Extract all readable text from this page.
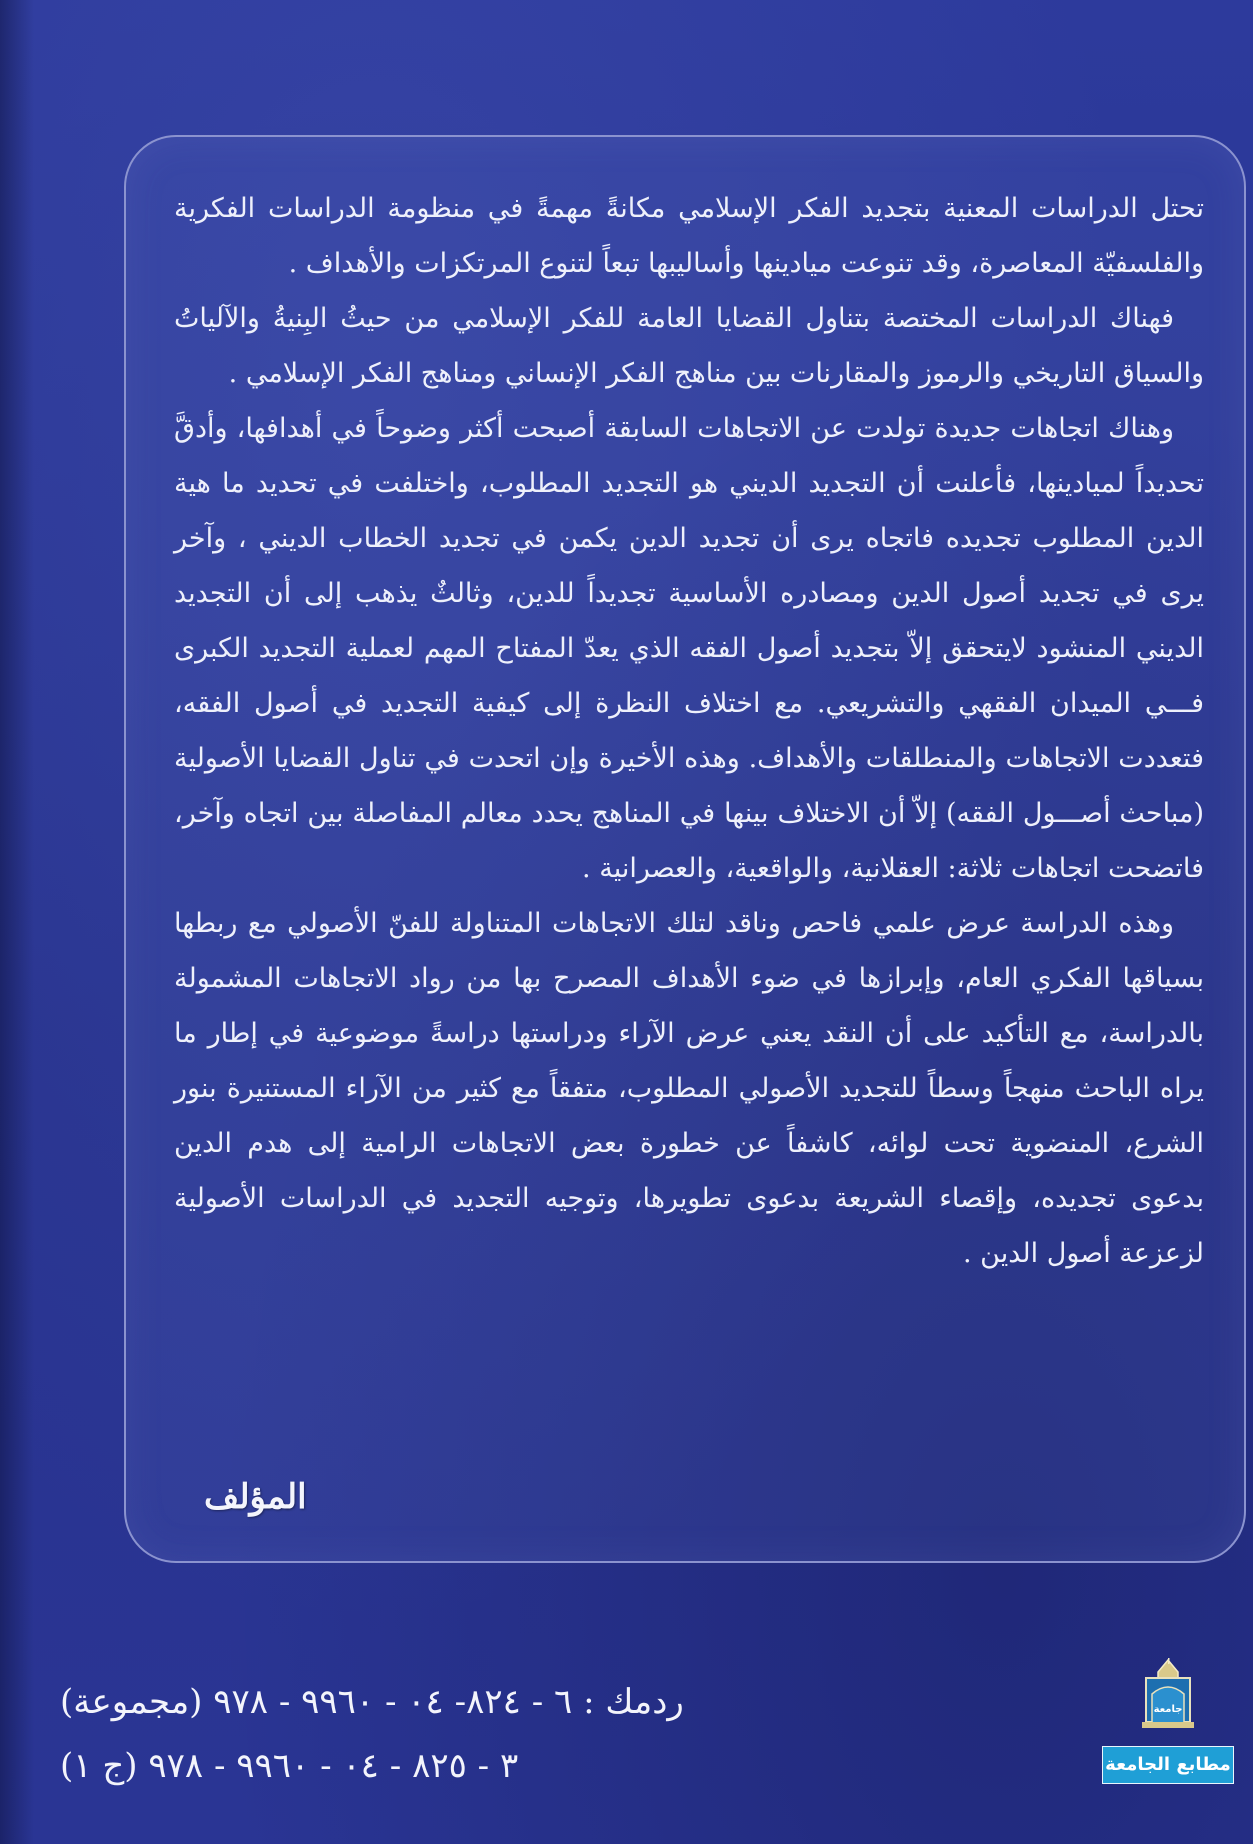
تحتل الدراسات المعنية بتجديد الفكر الإسلامي مكانةً مهمةً في منظومة الدراسات الفكرية والفلسفيّة المعاصرة، وقد تنوعت ميادينها وأساليبها تبعاً لتنوع المرتكزات والأهداف .

فهناك الدراسات المختصة بتناول القضايا العامة للفكر الإسلامي من حيثُ البِنيةُ والآلياتُ والسياق التاريخي والرموز والمقارنات بين مناهج الفكر الإنساني ومناهج الفكر الإسلامي .

وهناك اتجاهات جديدة تولدت عن الاتجاهات السابقة أصبحت أكثر وضوحاً في أهدافها، وأدقَّ تحديداً لميادينها، فأعلنت أن التجديد الديني هو التجديد المطلوب، واختلفت في تحديد ما هية الدين المطلوب تجديده فاتجاه يرى أن تجديد الدين يكمن في تجديد الخطاب الديني ، وآخر يرى في تجديد أصول الدين ومصادره الأساسية تجديداً للدين، وثالثٌ يذهب إلى أن التجديد الديني المنشود لايتحقق إلاّ بتجديد أصول الفقه الذي يعدّ المفتاح المهم لعملية التجديد الكبرى فـــي الميدان الفقهي والتشريعي. مع اختلاف النظرة إلى كيفية التجديد في أصول الفقه، فتعددت الاتجاهات والمنطلقات والأهداف. وهذه الأخيرة وإن اتحدت في تناول القضايا الأصولية (مباحث أصـــول الفقه) إلاّ أن الاختلاف بينها في المناهج يحدد معالم المفاصلة بين اتجاه وآخر، فاتضحت اتجاهات ثلاثة: العقلانية، والواقعية، والعصرانية .

وهذه الدراسة عرض علمي فاحص وناقد لتلك الاتجاهات المتناولة للفنّ الأصولي مع ربطها بسياقها الفكري العام، وإبرازها في ضوء الأهداف المصرح بها من رواد الاتجاهات المشمولة بالدراسة، مع التأكيد على أن النقد يعني عرض الآراء ودراستها دراسةً موضوعية في إطار ما يراه الباحث منهجاً وسطاً للتجديد الأصولي المطلوب، متفقاً مع كثير من الآراء المستنيرة بنور الشرع، المنضوية تحت لوائه، كاشفاً عن خطورة بعض الاتجاهات الرامية إلى هدم الدين بدعوى تجديده، وإقصاء الشريعة بدعوى تطويرها، وتوجيه التجديد في الدراسات الأصولية لزعزعة أصول الدين .

المؤلف
ردمك : ٦ - ٨٢٤- ٠٤ - ٩٩٦٠ - ٩٧٨ (مجموعة)
٣ - ٨٢٥ - ٠٤ - ٩٩٦٠ - ٩٧٨ (ج ١)
جامعة
مطابع الجامعة
